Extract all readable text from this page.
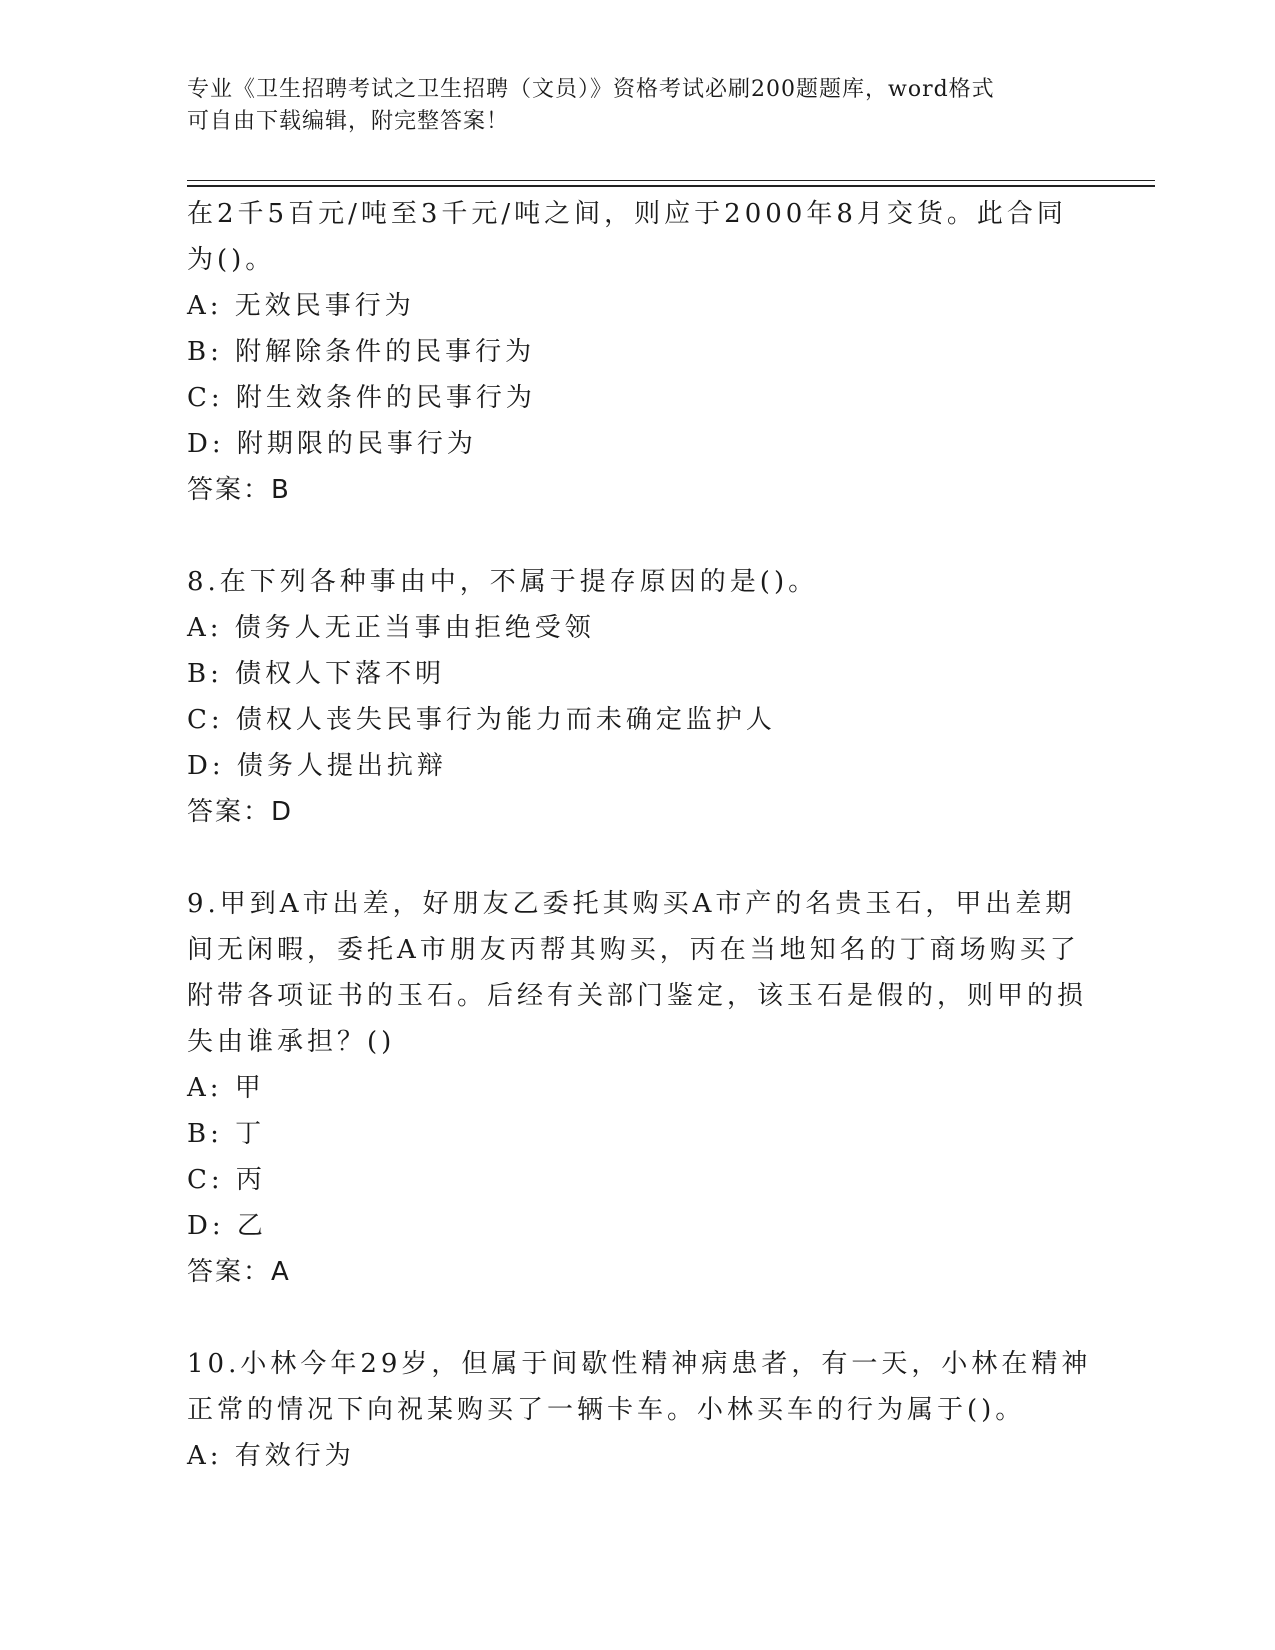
专业《卫生招聘考试之卫生招聘（文员）》资格考试必刷200题题库，word格式
可自由下载编辑，附完整答案！
在2千5百元/吨至3千元/吨之间，则应于2000年8月交货。此合同
为()。
A: 无效民事行为
B: 附解除条件的民事行为
C: 附生效条件的民事行为
D: 附期限的民事行为
答案：B
8.在下列各种事由中，不属于提存原因的是()。
A: 债务人无正当事由拒绝受领
B: 债权人下落不明
C: 债权人丧失民事行为能力而未确定监护人
D: 债务人提出抗辩
答案：D
9.甲到A市出差，好朋友乙委托其购买A市产的名贵玉石，甲出差期
间无闲暇，委托A市朋友丙帮其购买，丙在当地知名的丁商场购买了
附带各项证书的玉石。后经有关部门鉴定，该玉石是假的，则甲的损
失由谁承担？()
A: 甲
B: 丁
C: 丙
D: 乙
答案：A
10.小林今年29岁，但属于间歇性精神病患者，有一天，小林在精神
正常的情况下向祝某购买了一辆卡车。小林买车的行为属于()。
A: 有效行为
